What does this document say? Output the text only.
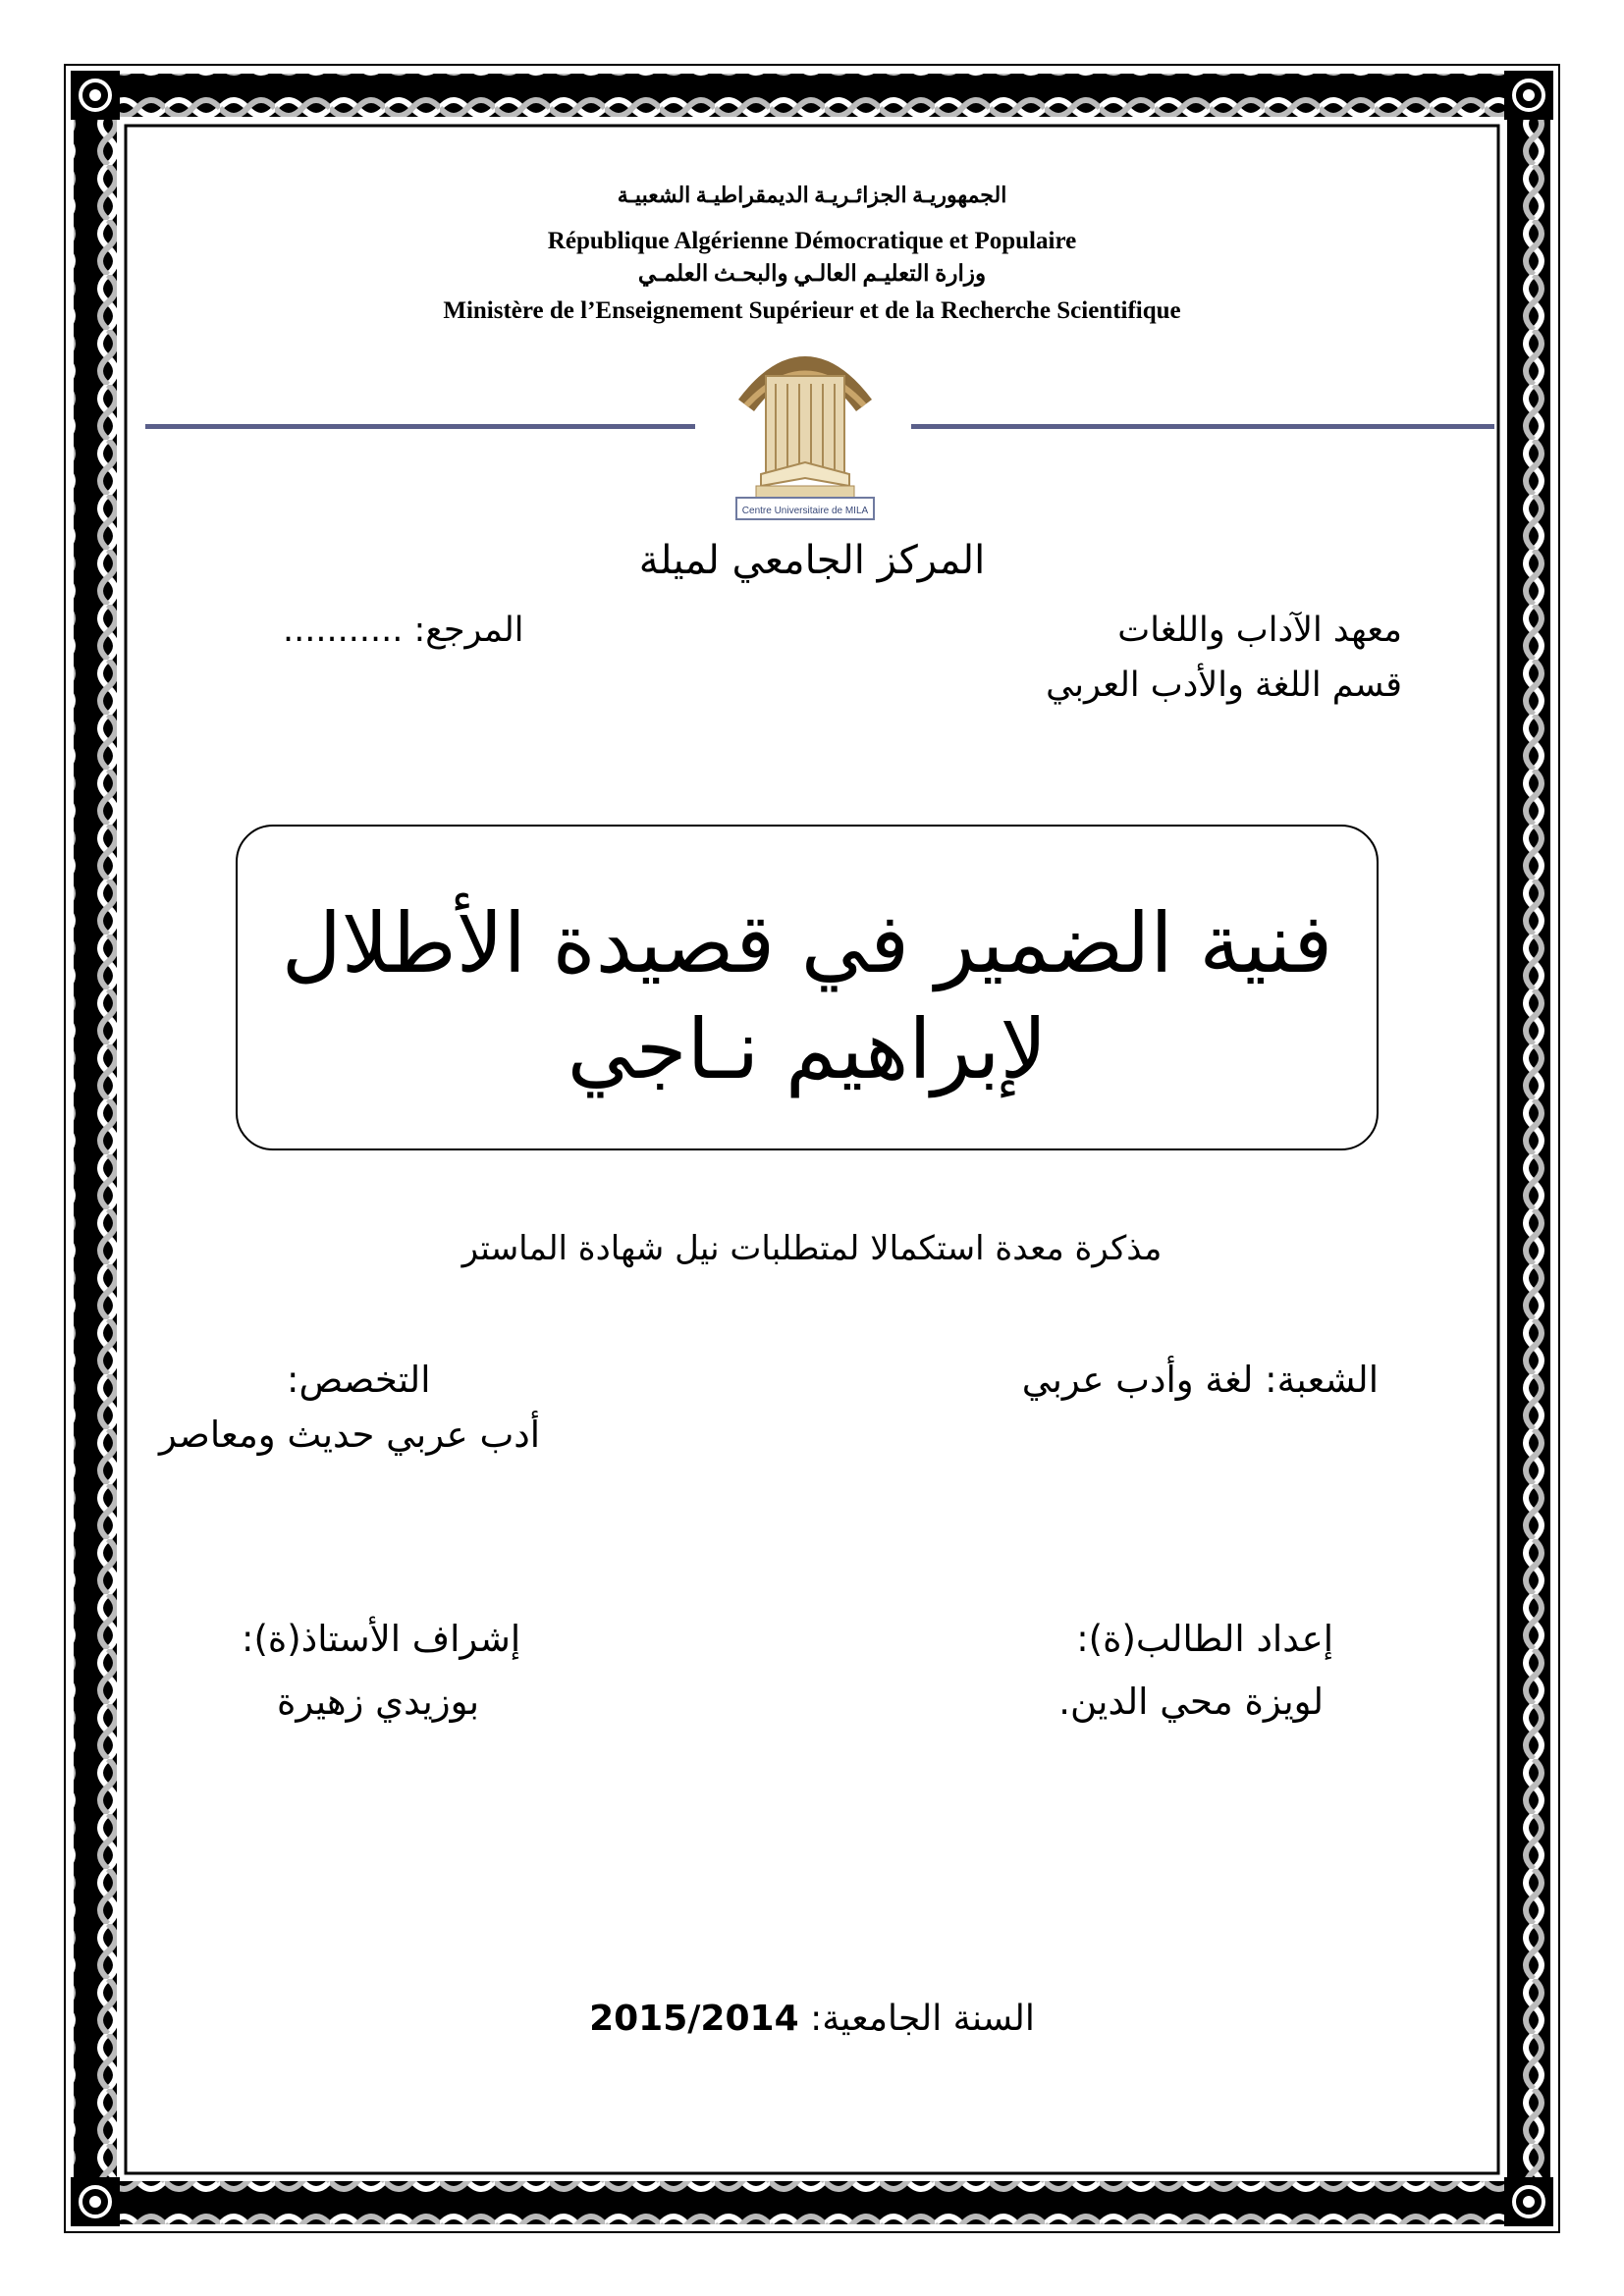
الجمهوريـة الجزائـريـة الديمقراطيـة الشعبيـة
République Algérienne Démocratique et Populaire
وزارة التعليـم العالـي والبحـث العلمـي
Ministère de l’Enseignement Supérieur et de la Recherche Scientifique
Centre Universitaire de MILA
المركز الجامعي لميلة
معهد الآداب واللغات
المرجع: ...........
قسم اللغة والأدب العربي
فنية الضمير في قصيدة الأطلال
لإبراهيم نـاجي
مذكرة معدة استكمالا لمتطلبات نيل شهادة الماستر
الشعبة: لغة وأدب عربي
التخصص:
أدب عربي حديث ومعاصر
إعداد الطالب(ة):
لويزة محي الدين.
إشراف الأستاذ(ة):
بوزيدي زهيرة
2015/2014 السنة الجامعية:
